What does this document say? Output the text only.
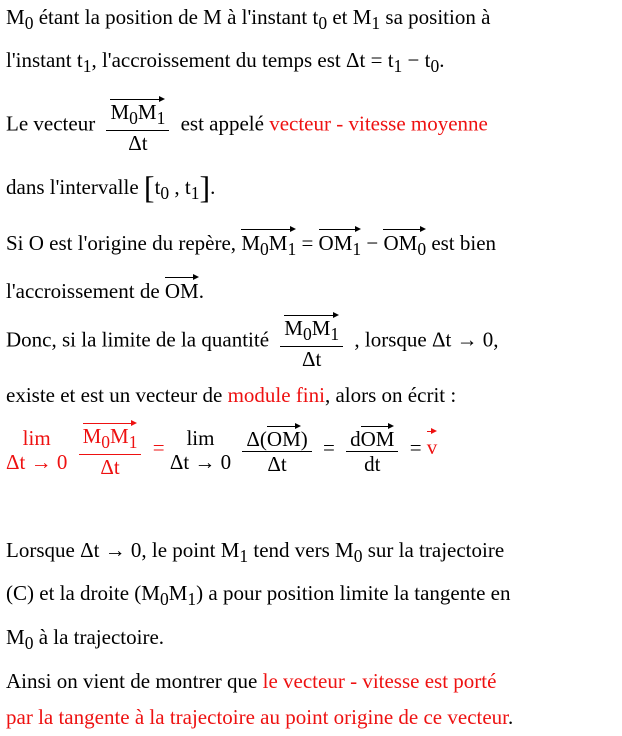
$M_0$ étant la position de M à l'instant $t_0$ et $M_1$ sa position à
l'instant $t_1$, l'accroissement du temps est $\Delta t = t_1 - t_0$.
Le vecteur $\frac{M_0M_1}{\Delta t}$ est appelé vecteur - vitesse moyenne
dans l'intervalle [$t_0$ , $t_1$].
Si O est l'origine du repère, $M_0M_1 = OM_1 - OM_0$ est bien
l'accroissement de OM.
Donc, si la limite de la quantité $\frac{M_0M_1}{\Delta t}$ , lorsque Δt → 0,
existe et est un vecteur de module fini, alors on écrit :
lim
Δt → 0
$\frac{M_0M_1}{\Delta t}$ =	lim
Δt → 0
$\frac{\Delta(OM)}{\Delta t} = \frac{\text{dOM}}{dt} = v$
Lorsque Δt → 0, le point $M_1$ tend vers $M_0$ sur la trajectoire
(C) et la droite $(M_0M_1)$ a pour position limite la tangente en
$M_0$ à la trajectoire.
Ainsi on vient de montrer que le vecteur - vitesse est porté
par la tangente à la trajectoire au point origine de ce vecteur.
